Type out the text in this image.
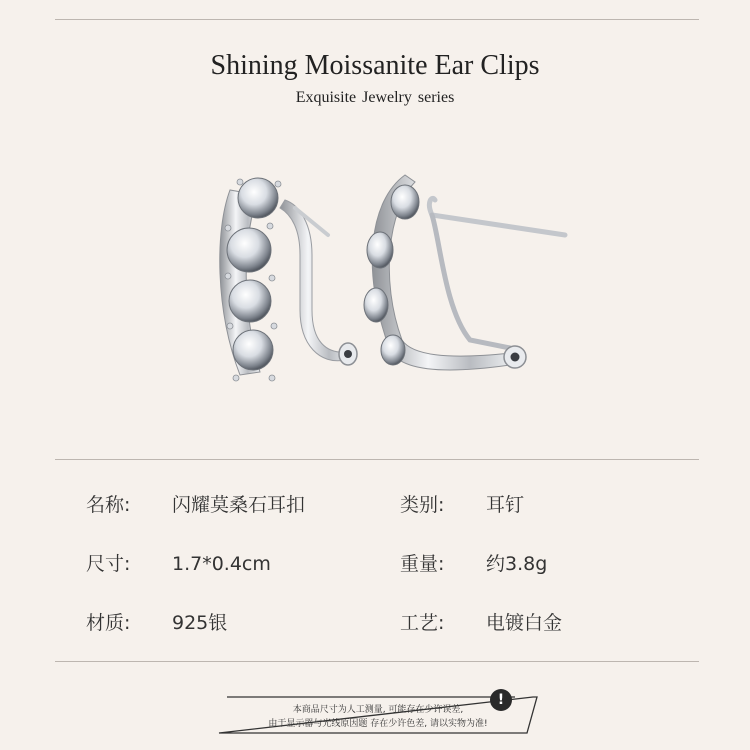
Shining Moissanite Ear Clips
Exquisite Jewelry series
名称: 闪耀莫桑石耳扣	类别: 耳钉
尺寸: 1.7*0.4cm	重量: 约3.8g
材质: 925银	工艺: 电镀白金
!
本商品尺寸为人工测量, 可能存在少许误差,
由于显示器与光线原因题 存在少许色差, 请以实物为准!
